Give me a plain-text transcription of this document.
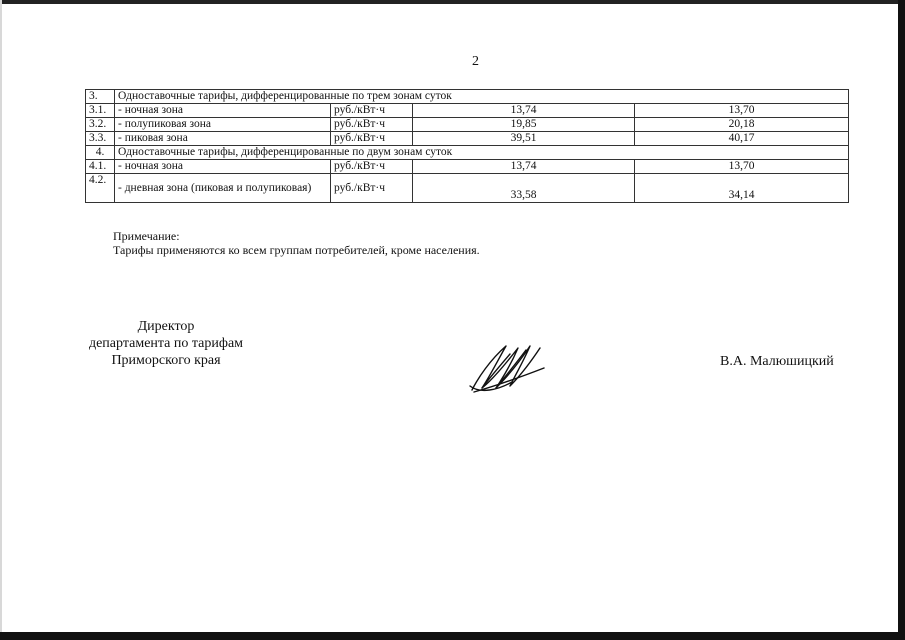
2
3.	Одноставочные тарифы, дифференцированные по трем зонам суток			
3.1.	- ночная зона	руб./кВт·ч	13,74	13,70
3.2.	- полупиковая зона	руб./кВт·ч	19,85	20,18
3.3.	- пиковая зона	руб./кВт·ч	39,51	40,17
4.	Одноставочные тарифы, дифференцированные по двум зонам суток			
4.1.	- ночная зона	руб./кВт·ч	13,74	13,70
4.2.	- дневная зона (пиковая и полупиковая)	руб./кВт·ч	33,58	34,14
Примечание:
Тарифы применяются ко всем группам потребителей, кроме населения.
Директор
департамента по тарифам
Приморского края	В.А. Малюшицкий
